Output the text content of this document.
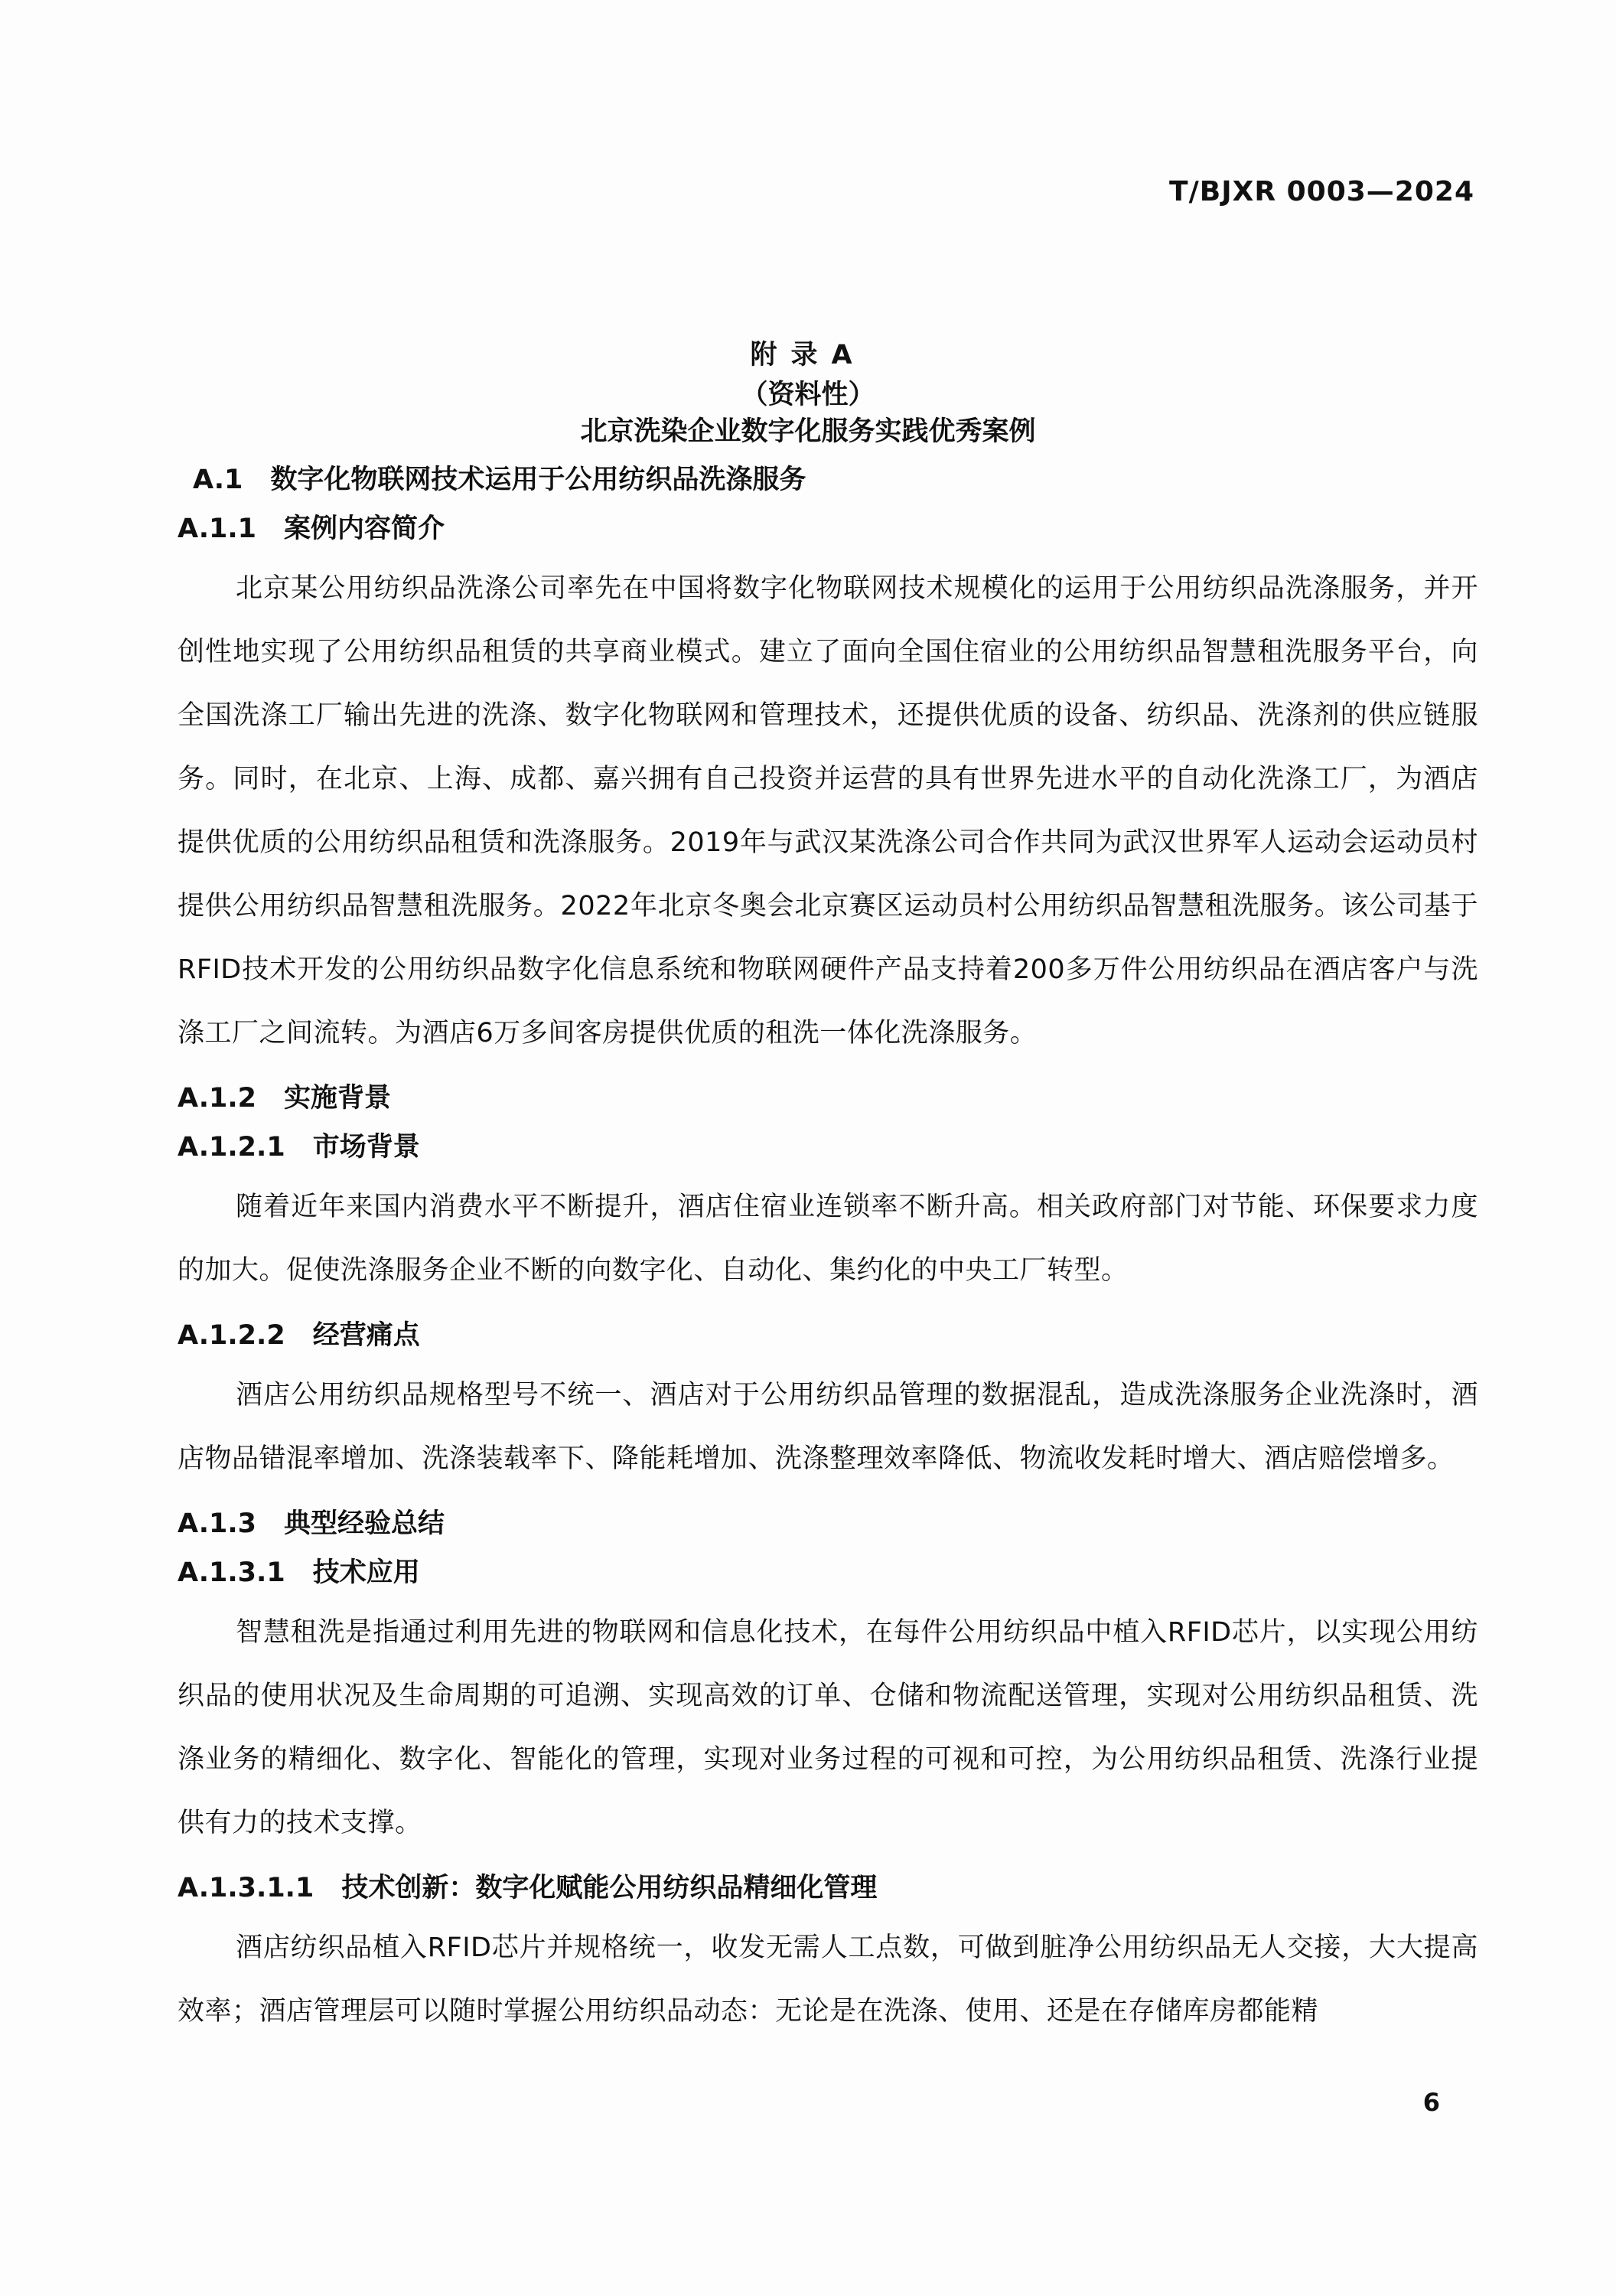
T/BJXR 0003—2024
附录A
（资料性）
北京洗染企业数字化服务实践优秀案例
A.1 数字化物联网技术运用于公用纺织品洗涤服务
A.1.1 案例内容简介

北京某公用纺织品洗涤公司率先在中国将数字化物联网技术规模化的运用于公用纺织品洗涤服务，并开创性地实现了公用纺织品租赁的共享商业模式。建立了面向全国住宿业的公用纺织品智慧租洗服务平台，向全国洗涤工厂输出先进的洗涤、数字化物联网和管理技术，还提供优质的设备、纺织品、洗涤剂的供应链服务。同时，在北京、上海、成都、嘉兴拥有自己投资并运营的具有世界先进水平的自动化洗涤工厂，为酒店提供优质的公用纺织品租赁和洗涤服务。2019年与武汉某洗涤公司合作共同为武汉世界军人运动会运动员村提供公用纺织品智慧租洗服务。2022年北京冬奥会北京赛区运动员村公用纺织品智慧租洗服务。该公司基于RFID技术开发的公用纺织品数字化信息系统和物联网硬件产品支持着200多万件公用纺织品在酒店客户与洗涤工厂之间流转。为酒店6万多间客房提供优质的租洗一体化洗涤服务。

A.1.2 实施背景
A.1.2.1 市场背景

随着近年来国内消费水平不断提升，酒店住宿业连锁率不断升高。相关政府部门对节能、环保要求力度的加大。促使洗涤服务企业不断的向数字化、自动化、集约化的中央工厂转型。

A.1.2.2 经营痛点

酒店公用纺织品规格型号不统一、酒店对于公用纺织品管理的数据混乱，造成洗涤服务企业洗涤时，酒店物品错混率增加、洗涤装载率下、降能耗增加、洗涤整理效率降低、物流收发耗时增大、酒店赔偿增多。

A.1.3 典型经验总结
A.1.3.1 技术应用

智慧租洗是指通过利用先进的物联网和信息化技术，在每件公用纺织品中植入RFID芯片，以实现公用纺织品的使用状况及生命周期的可追溯、实现高效的订单、仓储和物流配送管理，实现对公用纺织品租赁、洗涤业务的精细化、数字化、智能化的管理，实现对业务过程的可视和可控，为公用纺织品租赁、洗涤行业提供有力的技术支撑。

A.1.3.1.1 技术创新：数字化赋能公用纺织品精细化管理

酒店纺织品植入RFID芯片并规格统一，收发无需人工点数，可做到脏净公用纺织品无人交接，大大提高效率；酒店管理层可以随时掌握公用纺织品动态：无论是在洗涤、使用、还是在存储库房都能精

6
